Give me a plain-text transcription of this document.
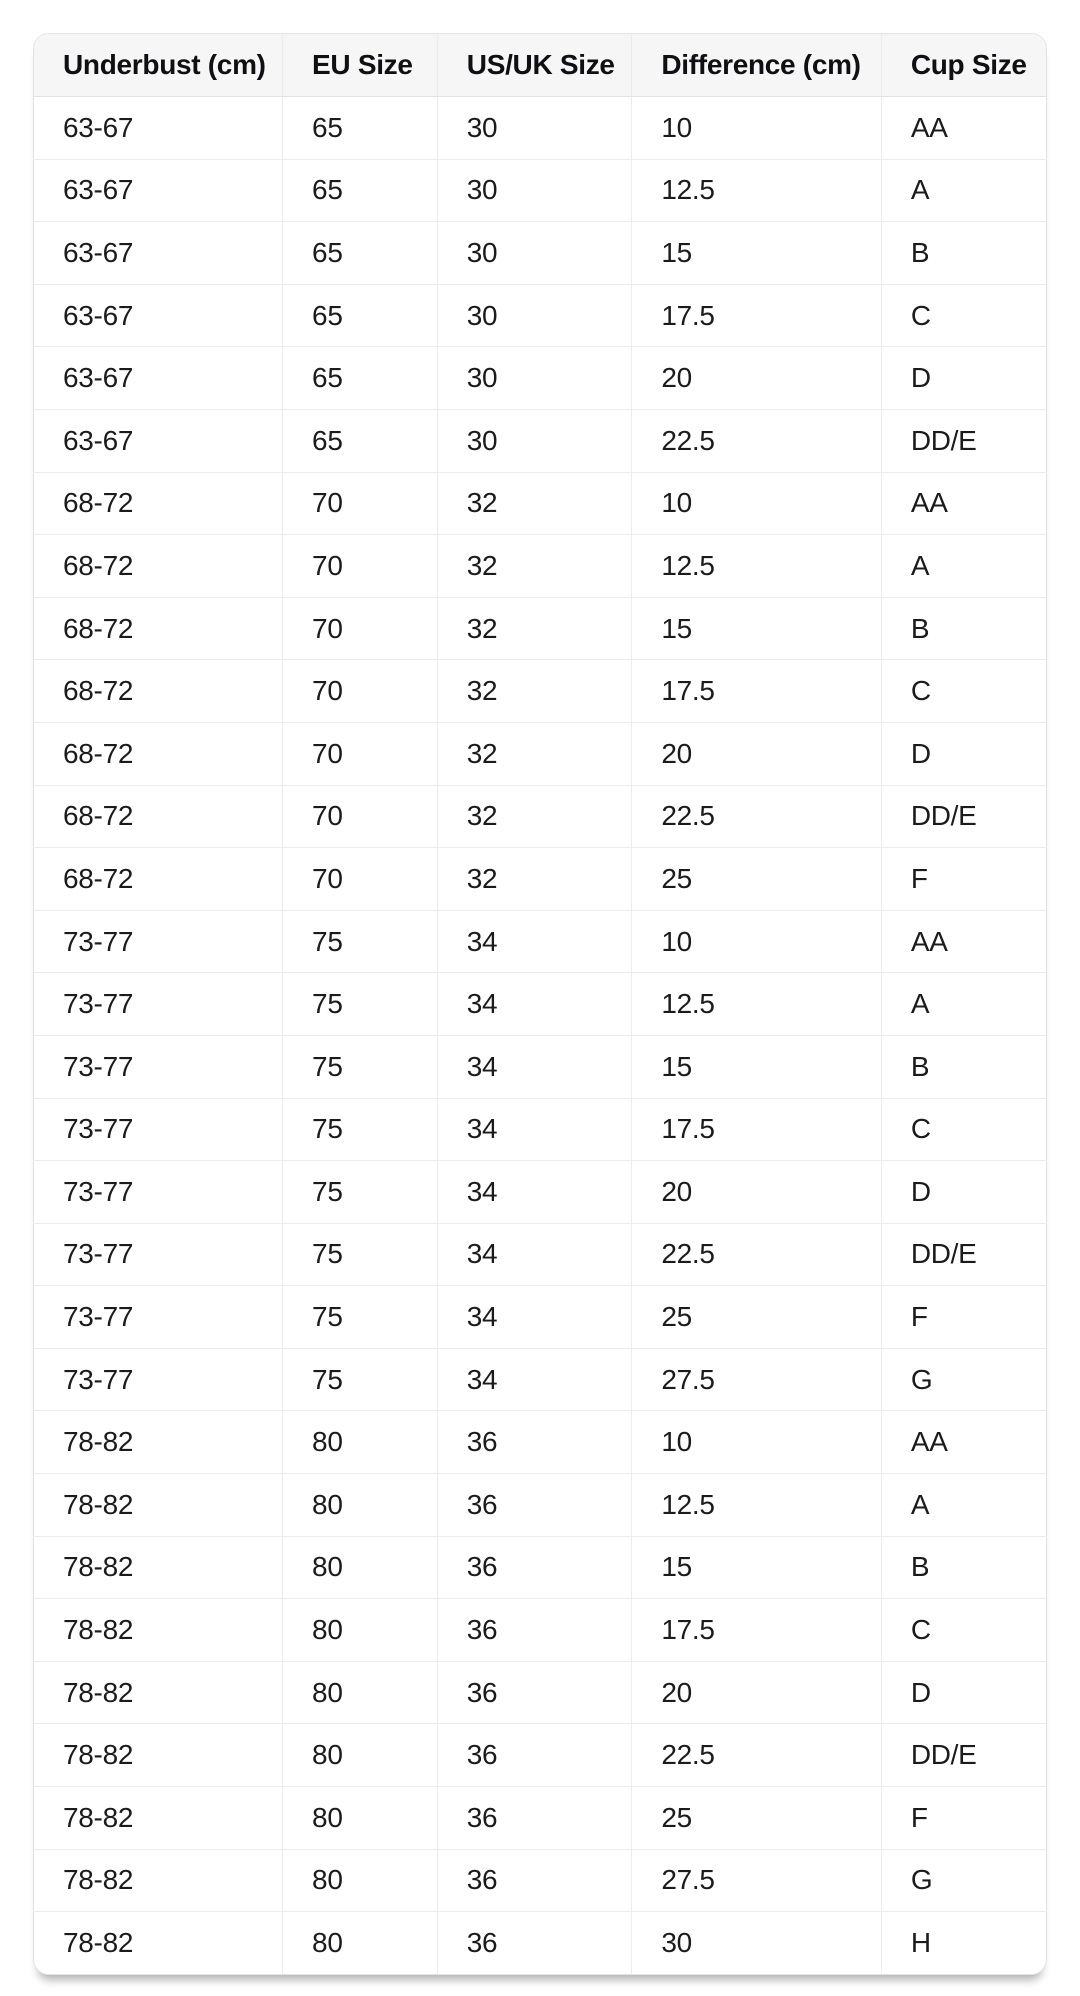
Underbust (cm)	EU Size	US/UK Size	Difference (cm)	Cup Size
63-67	65	30	10	AA
63-67	65	30	12.5	A
63-67	65	30	15	B
63-67	65	30	17.5	C
63-67	65	30	20	D
63-67	65	30	22.5	DD/E
68-72	70	32	10	AA
68-72	70	32	12.5	A
68-72	70	32	15	B
68-72	70	32	17.5	C
68-72	70	32	20	D
68-72	70	32	22.5	DD/E
68-72	70	32	25	F
73-77	75	34	10	AA
73-77	75	34	12.5	A
73-77	75	34	15	B
73-77	75	34	17.5	C
73-77	75	34	20	D
73-77	75	34	22.5	DD/E
73-77	75	34	25	F
73-77	75	34	27.5	G
78-82	80	36	10	AA
78-82	80	36	12.5	A
78-82	80	36	15	B
78-82	80	36	17.5	C
78-82	80	36	20	D
78-82	80	36	22.5	DD/E
78-82	80	36	25	F
78-82	80	36	27.5	G
78-82	80	36	30	H
